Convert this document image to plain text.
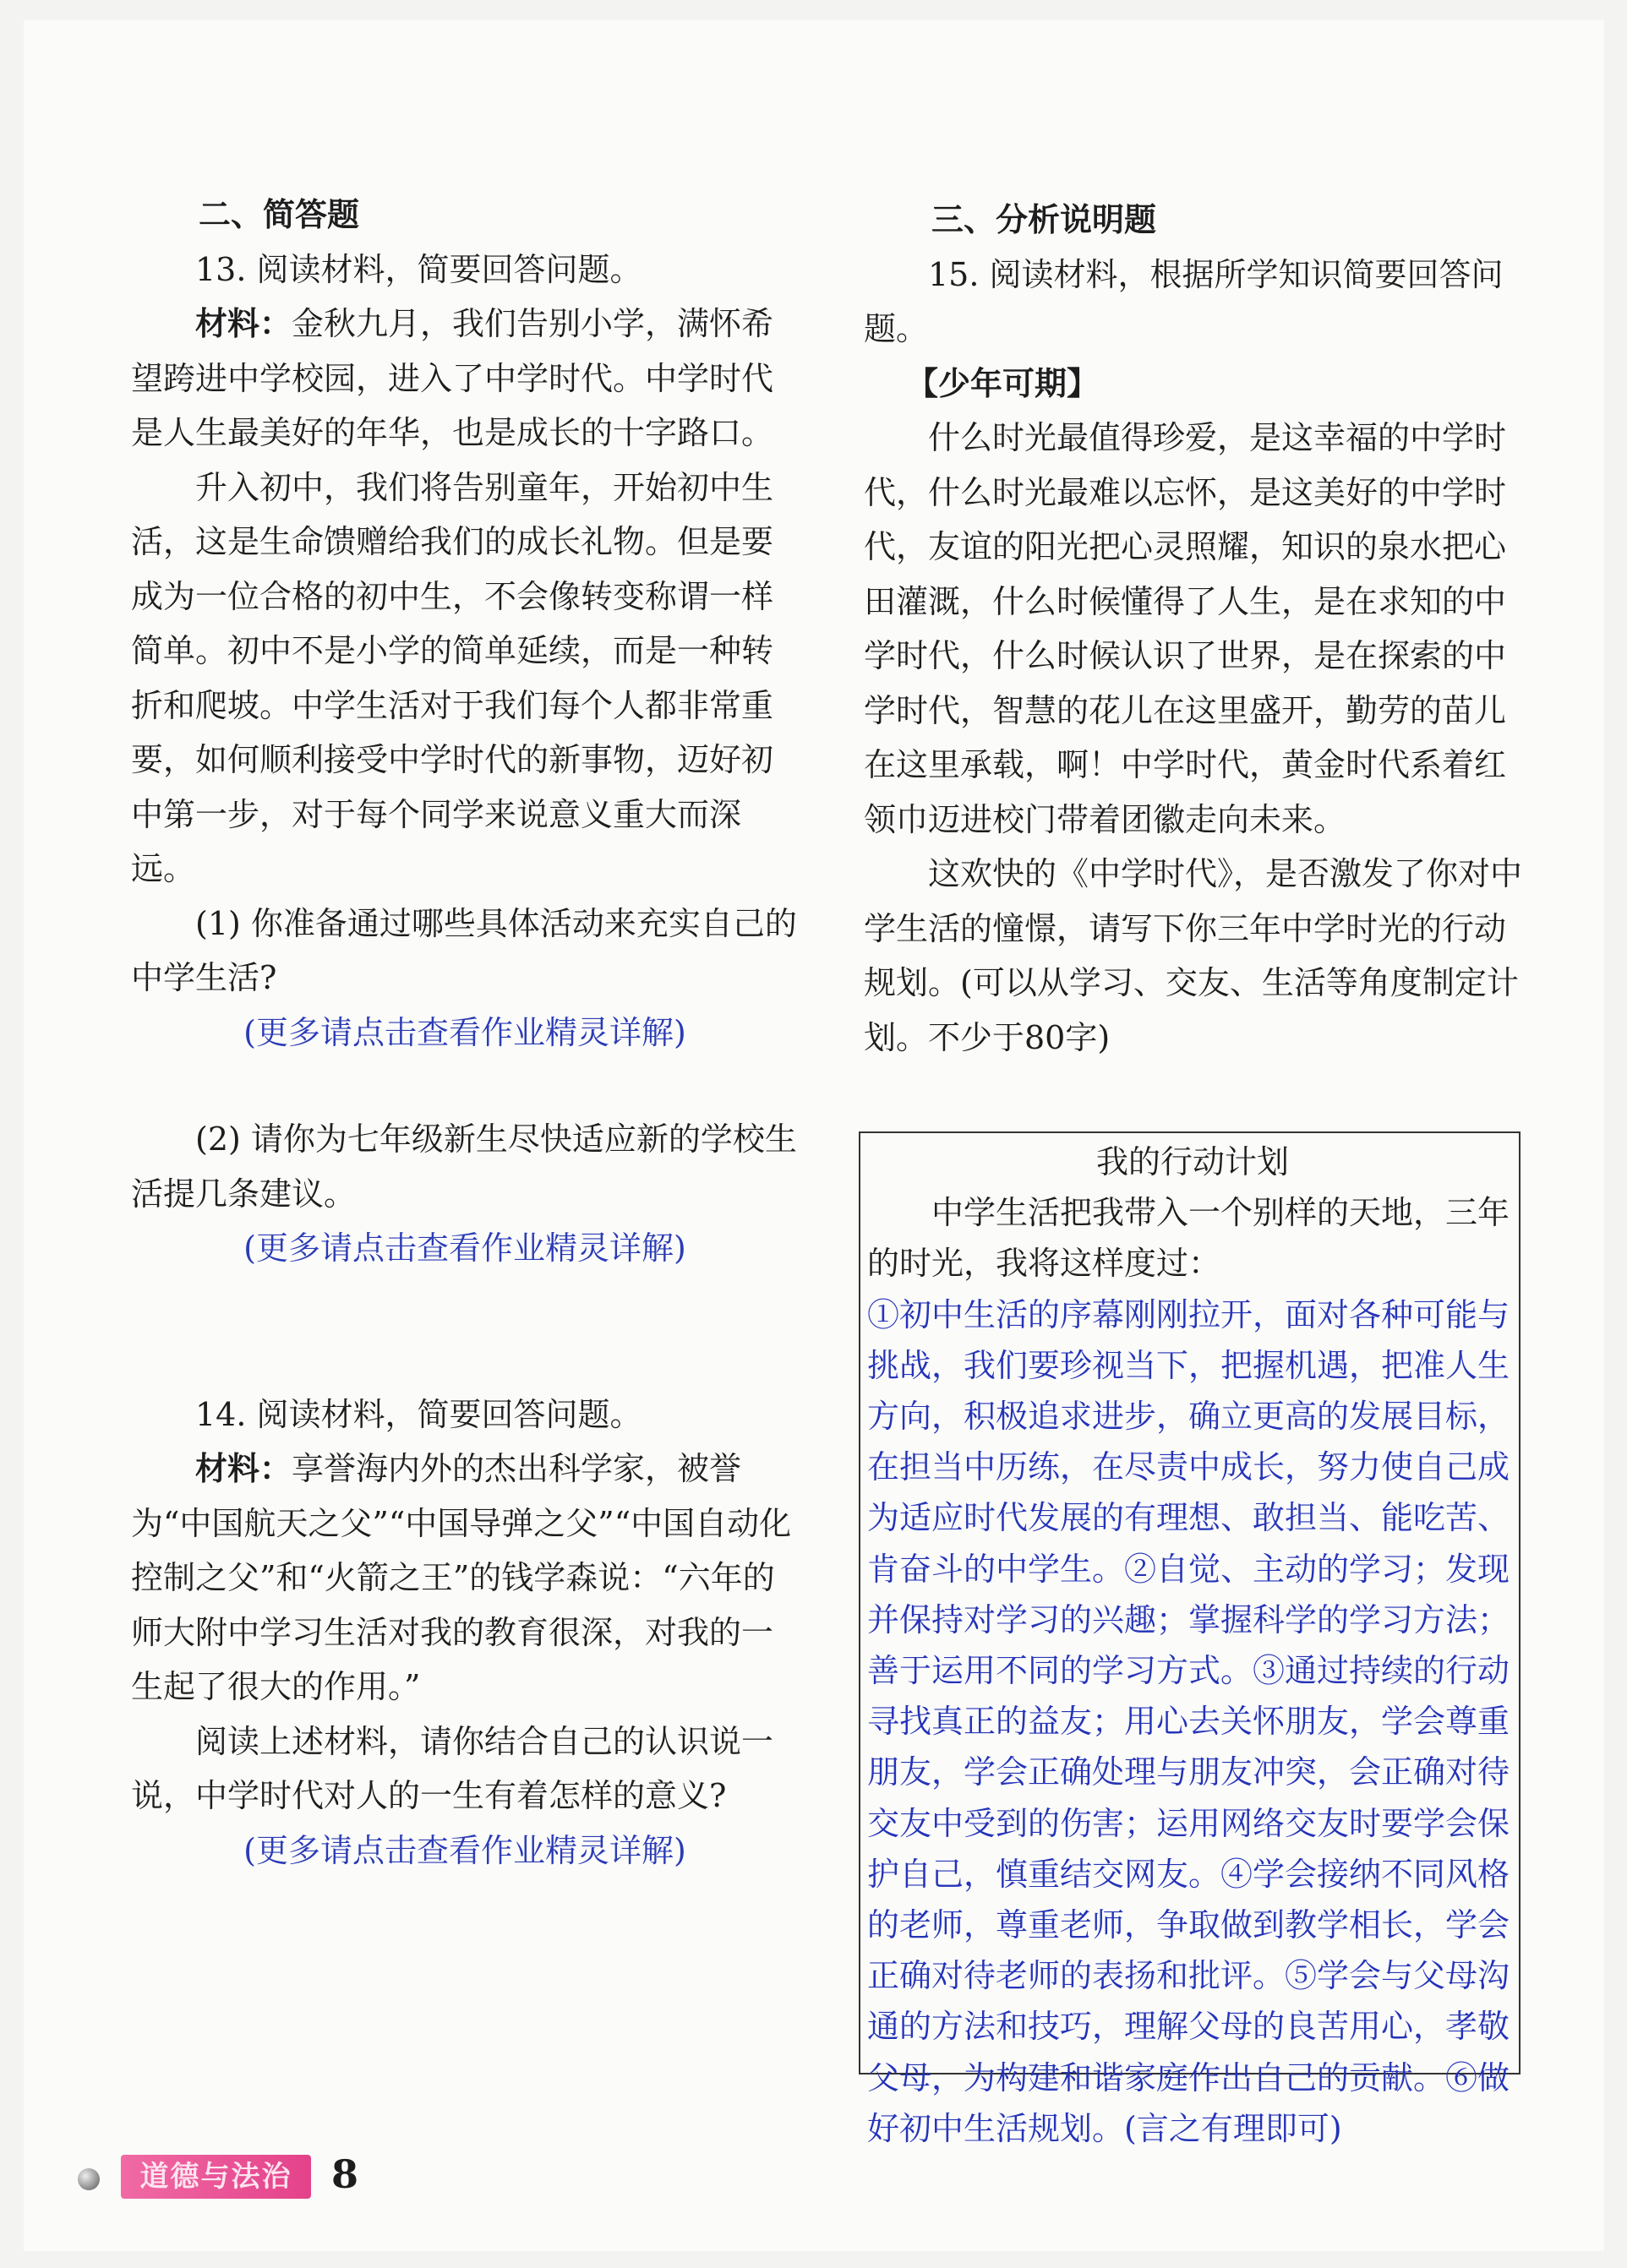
二、简答题

13. 阅读材料，简要回答问题。

材料：金秋九月，我们告别小学，满怀希望跨进中学校园，进入了中学时代。中学时代是人生最美好的年华，也是成长的十字路口。

升入初中，我们将告别童年，开始初中生活，这是生命馈赠给我们的成长礼物。但是要成为一位合格的初中生，不会像转变称谓一样简单。初中不是小学的简单延续，而是一种转折和爬坡。中学生活对于我们每个人都非常重要，如何顺利接受中学时代的新事物，迈好初中第一步，对于每个同学来说意义重大而深远。

(1) 你准备通过哪些具体活动来充实自己的中学生活?

(更多请点击查看作业精灵详解)

(2) 请你为七年级新生尽快适应新的学校生活提几条建议。

(更多请点击查看作业精灵详解)

14. 阅读材料，简要回答问题。

材料：享誉海内外的杰出科学家，被誉为“中国航天之父”“中国导弹之父”“中国自动化控制之父”和“火箭之王”的钱学森说：“六年的师大附中学习生活对我的教育很深，对我的一生起了很大的作用。”

阅读上述材料，请你结合自己的认识说一说，中学时代对人的一生有着怎样的意义?

(更多请点击查看作业精灵详解)

三、分析说明题

15. 阅读材料，根据所学知识简要回答问题。

【少年可期】

什么时光最值得珍爱，是这幸福的中学时代，什么时光最难以忘怀，是这美好的中学时代，友谊的阳光把心灵照耀，知识的泉水把心田灌溉，什么时候懂得了人生，是在求知的中学时代，什么时候认识了世界，是在探索的中学时代，智慧的花儿在这里盛开，勤劳的苗儿在这里承载，啊！中学时代，黄金时代系着红领巾迈进校门带着团徽走向未来。

这欢快的《中学时代》，是否激发了你对中学生活的憧憬，请写下你三年中学时光的行动规划。(可以从学习、交友、生活等角度制定计划。不少于80字)

我的行动计划

中学生活把我带入一个别样的天地，三年的时光，我将这样度过：

①初中生活的序幕刚刚拉开，面对各种可能与挑战，我们要珍视当下，把握机遇，把准人生方向，积极追求进步，确立更高的发展目标，在担当中历练，在尽责中成长，努力使自己成为适应时代发展的有理想、敢担当、能吃苦、肯奋斗的中学生。②自觉、主动的学习；发现并保持对学习的兴趣；掌握科学的学习方法；善于运用不同的学习方式。③通过持续的行动寻找真正的益友；用心去关怀朋友，学会尊重朋友，学会正确处理与朋友冲突，会正确对待交友中受到的伤害；运用网络交友时要学会保护自己，慎重结交网友。④学会接纳不同风格的老师，尊重老师，争取做到教学相长，学会正确对待老师的表扬和批评。⑤学会与父母沟通的方法和技巧，理解父母的良苦用心，孝敬父母，为构建和谐家庭作出自己的贡献。⑥做好初中生活规划。(言之有理即可)

道德与法治	8
